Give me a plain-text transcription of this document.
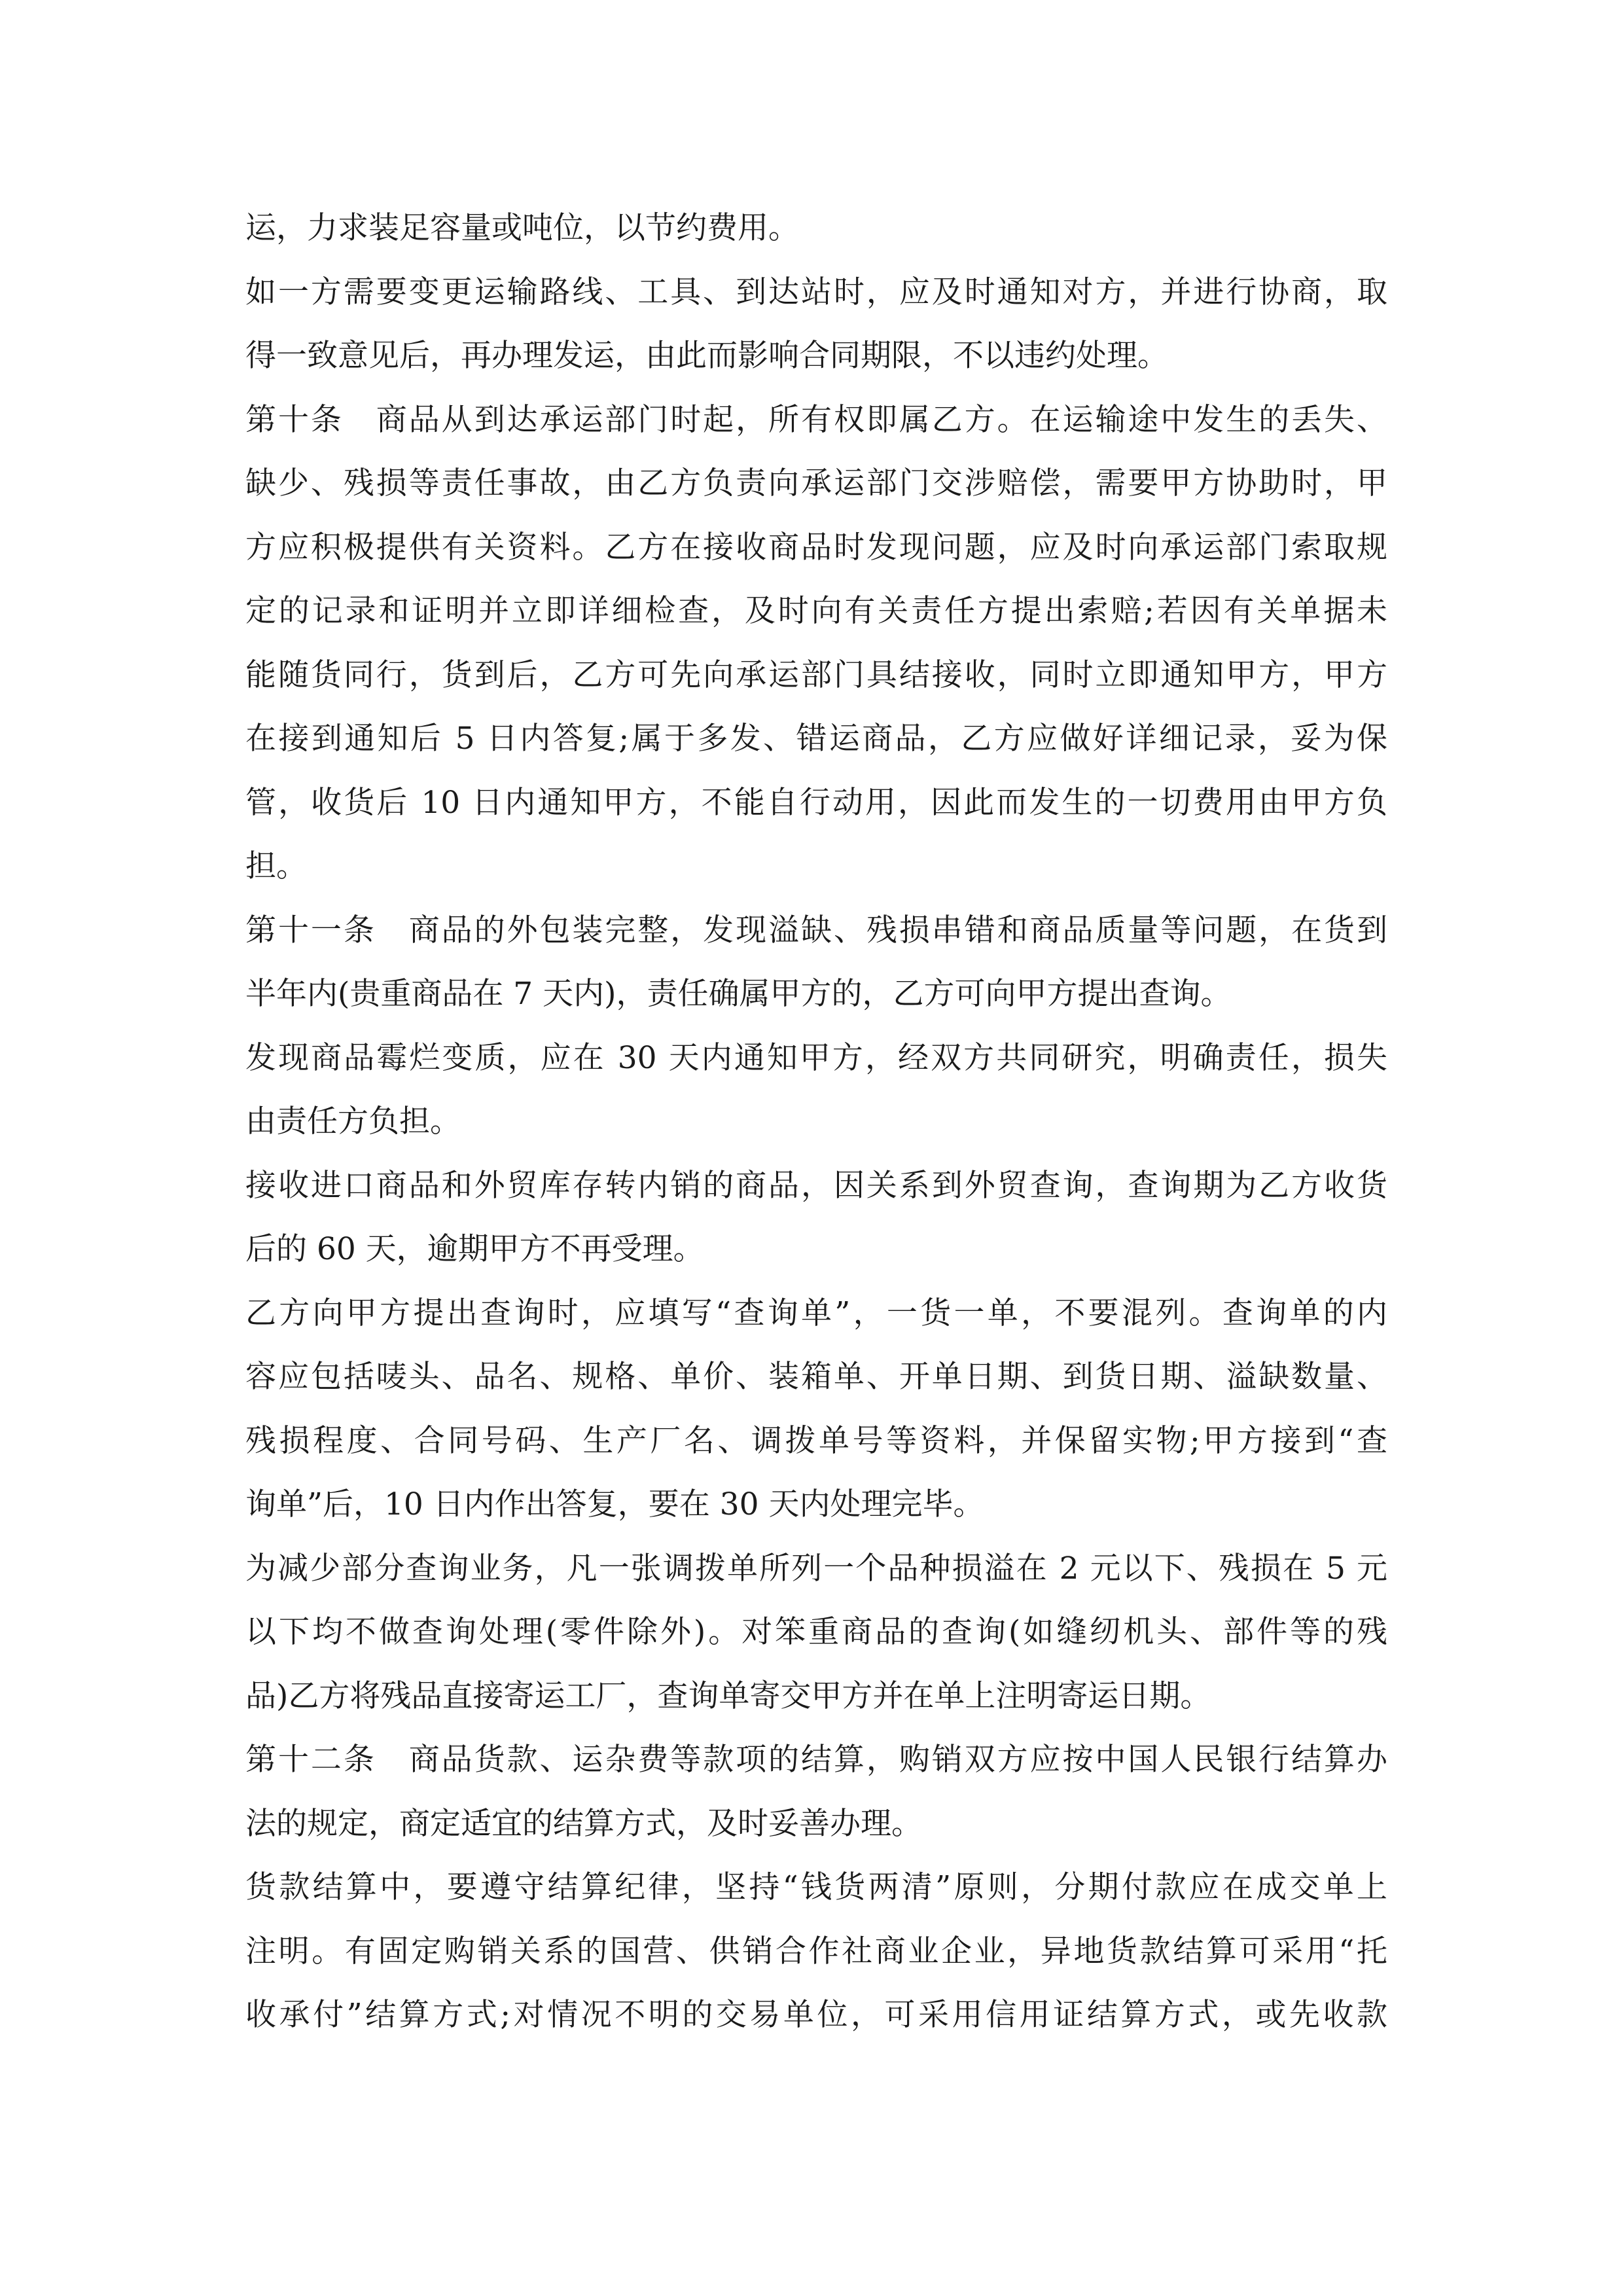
运，力求装足容量或吨位，以节约费用。

如一方需要变更运输路线、工具、到达站时，应及时通知对方，并进行协商，取
得一致意见后，再办理发运，由此而影响合同期限，不以违约处理。

第十条　商品从到达承运部门时起，所有权即属乙方。在运输途中发生的丢失、
缺少、残损等责任事故，由乙方负责向承运部门交涉赔偿，需要甲方协助时，甲
方应积极提供有关资料。乙方在接收商品时发现问题，应及时向承运部门索取规
定的记录和证明并立即详细检查，及时向有关责任方提出索赔;若因有关单据未
能随货同行，货到后，乙方可先向承运部门具结接收，同时立即通知甲方，甲方
在接到通知后 5 日内答复;属于多发、错运商品，乙方应做好详细记录，妥为保
管，收货后 10 日内通知甲方，不能自行动用，因此而发生的一切费用由甲方负
担。

第十一条　商品的外包装完整，发现溢缺、残损串错和商品质量等问题，在货到
半年内(贵重商品在 7 天内)，责任确属甲方的，乙方可向甲方提出查询。

发现商品霉烂变质，应在 30 天内通知甲方，经双方共同研究，明确责任，损失
由责任方负担。

接收进口商品和外贸库存转内销的商品，因关系到外贸查询，查询期为乙方收货
后的 60 天，逾期甲方不再受理。

乙方向甲方提出查询时，应填写“查询单”，一货一单，不要混列。查询单的内
容应包括唛头、品名、规格、单价、装箱单、开单日期、到货日期、溢缺数量、
残损程度、合同号码、生产厂名、调拨单号等资料，并保留实物;甲方接到“查
询单”后，10 日内作出答复，要在 30 天内处理完毕。

为减少部分查询业务，凡一张调拨单所列一个品种损溢在 2 元以下、残损在 5 元
以下均不做查询处理(零件除外)。对笨重商品的查询(如缝纫机头、部件等的残
品)乙方将残品直接寄运工厂，查询单寄交甲方并在单上注明寄运日期。

第十二条　商品货款、运杂费等款项的结算，购销双方应按中国人民银行结算办
法的规定，商定适宜的结算方式，及时妥善办理。

货款结算中，要遵守结算纪律，坚持“钱货两清”原则，分期付款应在成交单上
注明。有固定购销关系的国营、供销合作社商业企业，异地货款结算可采用“托
收承付”结算方式;对情况不明的交易单位，可采用信用证结算方式，或先收款
